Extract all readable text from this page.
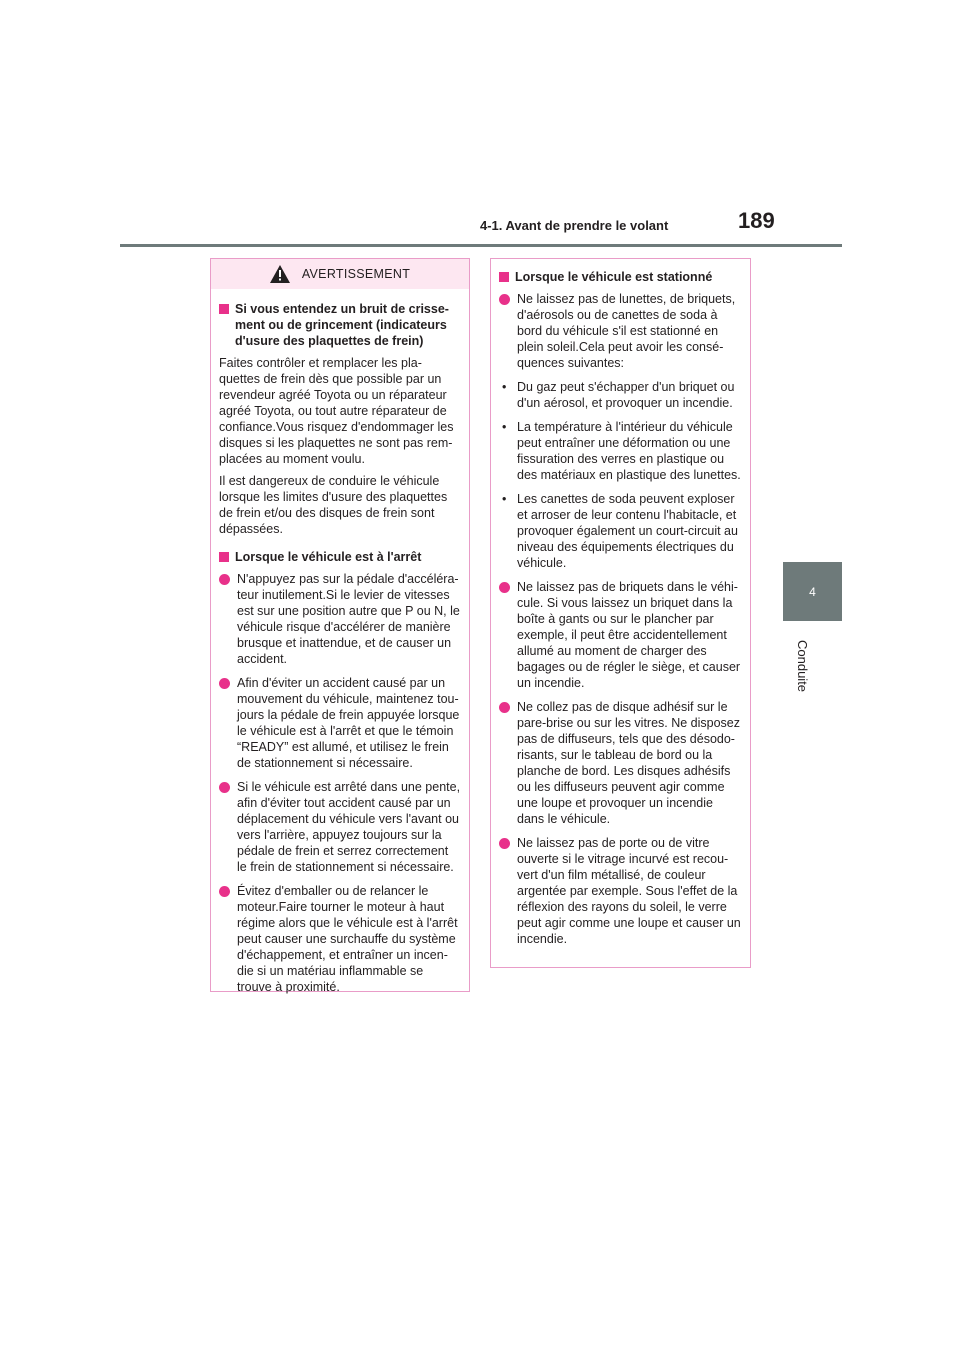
4-1. Avant de prendre le volant	189
4
Conduite
AVERTISSEMENT
Si vous entendez un bruit de crisse-ment ou de grincement (indicateurs d'usure des plaquettes de frein)

Faites contrôler et remplacer les pla-quettes de frein dès que possible par un revendeur agréé Toyota ou un réparateur agréé Toyota, ou tout autre réparateur de confiance.Vous risquez d'endommager les disques si les plaquettes ne sont pas rem-placées au moment voulu.

Il est dangereux de conduire le véhicule lorsque les limites d'usure des plaquettes de frein et/ou des disques de frein sont dépassées.

Lorsque le véhicule est à l'arrêt
N'appuyez pas sur la pédale d'accéléra-teur inutilement.Si le levier de vitesses est sur une position autre que P ou N, le véhicule risque d'accélérer de manière brusque et inattendue, et de causer un accident.
Afin d'éviter un accident causé par un mouvement du véhicule, maintenez tou-jours la pédale de frein appuyée lorsque le véhicule est à l'arrêt et que le témoin “READY” est allumé, et utilisez le frein de stationnement si nécessaire.
Si le véhicule est arrêté dans une pente, afin d'éviter tout accident causé par un déplacement du véhicule vers l'avant ou vers l'arrière, appuyez toujours sur la pédale de frein et serrez correctement le frein de stationnement si nécessaire.
Évitez d'emballer ou de relancer le moteur.Faire tourner le moteur à haut régime alors que le véhicule est à l'arrêt peut causer une surchauffe du système d'échappement, et entraîner un incen-die si un matériau inflammable se trouve à proximité.
Lorsque le véhicule est stationné
Ne laissez pas de lunettes, de briquets, d'aérosols ou de canettes de soda à bord du véhicule s'il est stationné en plein soleil.Cela peut avoir les consé-quences suivantes:
• Du gaz peut s'échapper d'un briquet ou d'un aérosol, et provoquer un incendie.
• La température à l'intérieur du véhicule peut entraîner une déformation ou une fissuration des verres en plastique ou des matériaux en plastique des lunettes.
• Les canettes de soda peuvent exploser et arroser de leur contenu l'habitacle, et provoquer également un court-circuit au niveau des équipements électriques du véhicule.
Ne laissez pas de briquets dans le véhi-cule. Si vous laissez un briquet dans la boîte à gants ou sur le plancher par exemple, il peut être accidentellement allumé au moment de charger des bagages ou de régler le siège, et causer un incendie.
Ne collez pas de disque adhésif sur le pare-brise ou sur les vitres. Ne disposez pas de diffuseurs, tels que des désodo-risants, sur le tableau de bord ou la planche de bord. Les disques adhésifs ou les diffuseurs peuvent agir comme une loupe et provoquer un incendie dans le véhicule.
Ne laissez pas de porte ou de vitre ouverte si le vitrage incurvé est recou-vert d'un film métallisé, de couleur argentée par exemple. Sous l'effet de la réflexion des rayons du soleil, le verre peut agir comme une loupe et causer un incendie.
